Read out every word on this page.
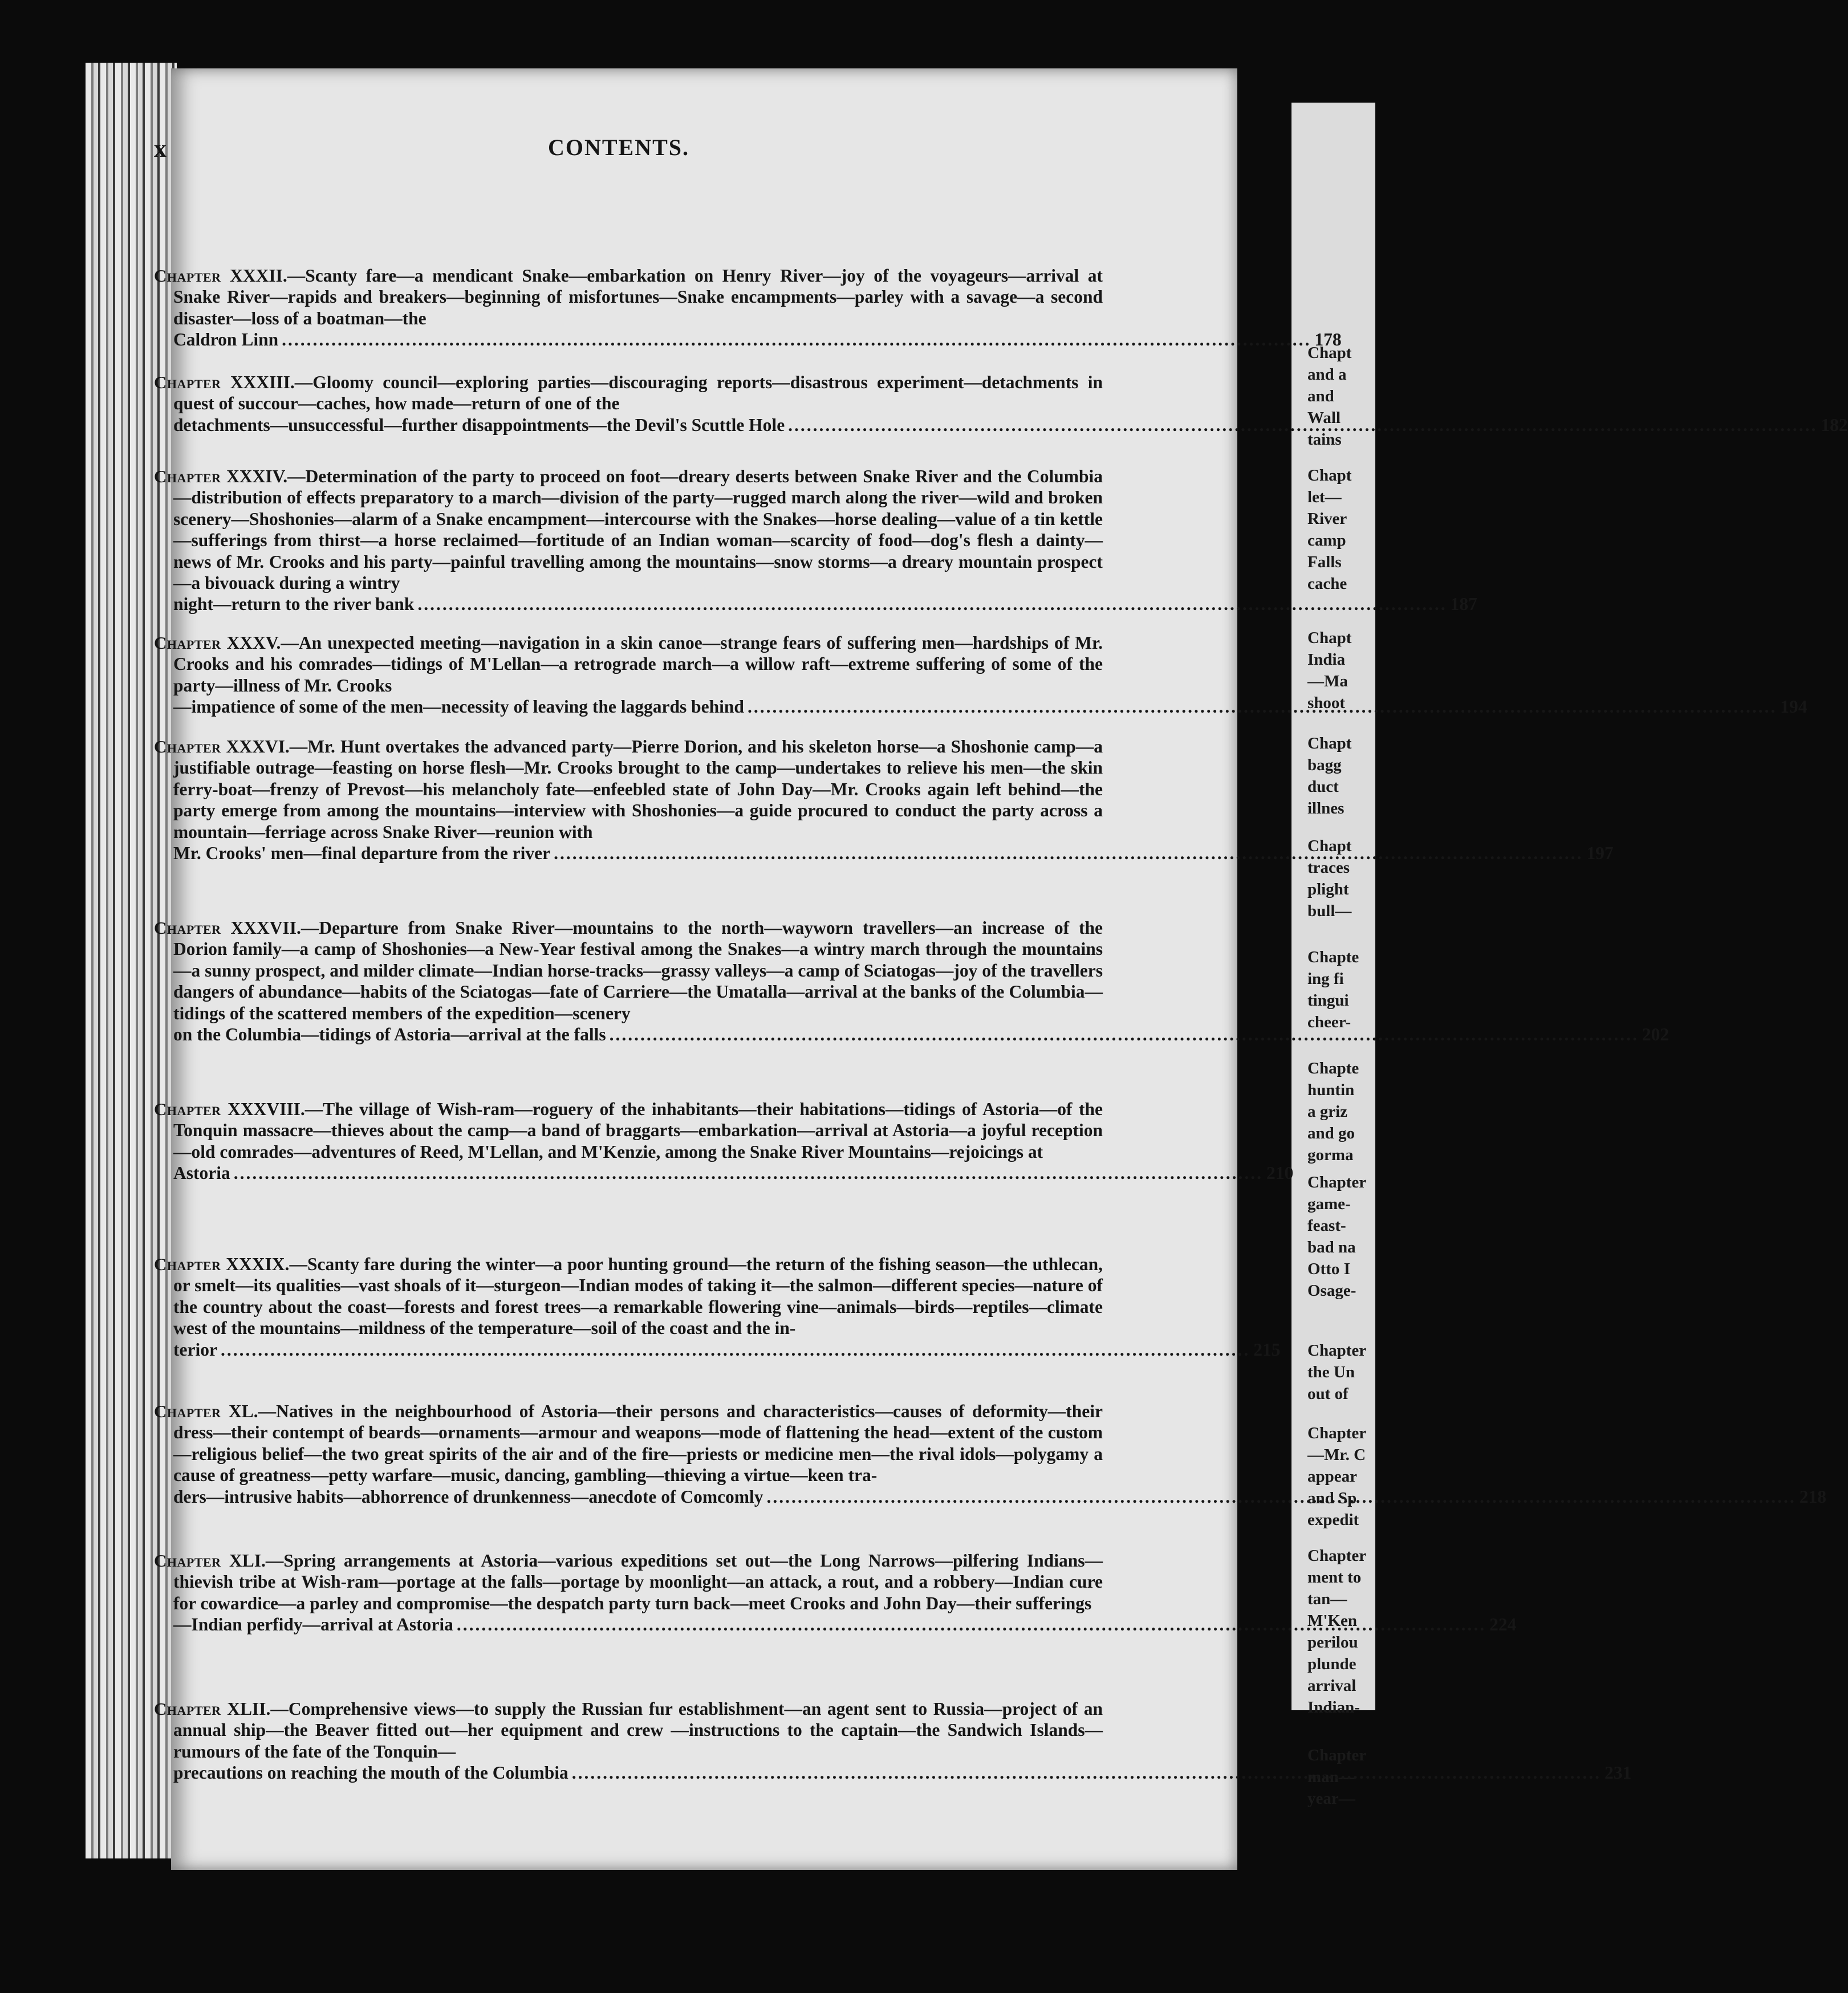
Chapt
and a
and
Wall
tains
Chapt
let—
River
camp
Falls
cache
Chapt
India
—Ma
shoot
Chapt
bagg
duct
illnes
Chapt
traces
plight
bull—
Chapte
ing fi
tingui
cheer-
Chapte
huntin
a griz
and go
gorma
Chapter
game-
feast-
bad na
Otto I
Osage-
Chapter
the Un
out of
Chapter
—Mr. C
appear
and Sp
expedit
Chapter
ment to
tan—
M'Ken
perilou
plunde
arrival
Indian-
Chapter
man—
year—
x	CONTENTS.
Chapter XXXII.—Scanty fare—a mendicant Snake—embarkation on Henry River—joy of the voyageurs—arrival at Snake River—rapids and breakers—beginning of misfortunes—Snake encampments—parley with a savage—a second disaster—loss of a boatman—the
Caldron Linn .....	178
Chapter XXXIII.—Gloomy council—exploring parties—discouraging reports—disastrous experiment—detachments in quest of succour—caches, how made—return of one of the
detachments—unsuccessful—further disappointments—the Devil's Scuttle Hole .....	182
Chapter XXXIV.—Determination of the party to proceed on foot—dreary deserts between Snake River and the Columbia—distribution of effects preparatory to a march—division of the party—rugged march along the river—wild and broken scenery—Shoshonies—alarm of a Snake encampment—intercourse with the Snakes—horse dealing—value of a tin kettle —sufferings from thirst—a horse reclaimed—fortitude of an Indian woman—scarcity of food—dog's flesh a dainty—news of Mr. Crooks and his party—painful travelling among the mountains—snow storms—a dreary mountain prospect—a bivouack during a wintry
night—return to the river bank .....	187
Chapter XXXV.—An unexpected meeting—navigation in a skin canoe—strange fears of suffering men—hardships of Mr. Crooks and his comrades—tidings of M'Lellan—a retrograde march—a willow raft—extreme suffering of some of the party—illness of Mr. Crooks
—impatience of some of the men—necessity of leaving the laggards behind .....	194
Chapter XXXVI.—Mr. Hunt overtakes the advanced party—Pierre Dorion, and his skeleton horse—a Shoshonie camp—a justifiable outrage—feasting on horse flesh—Mr. Crooks brought to the camp—undertakes to relieve his men—the skin ferry-boat—frenzy of Prevost—his melancholy fate—enfeebled state of John Day—Mr. Crooks again left behind—the party emerge from among the mountains—interview with Shoshonies—a guide procured to conduct the party across a mountain—ferriage across Snake River—reunion with
Mr. Crooks' men—final departure from the river .....	197
Chapter XXXVII.—Departure from Snake River—mountains to the north—wayworn travellers—an increase of the Dorion family—a camp of Shoshonies—a New-Year festival among the Snakes—a wintry march through the mountains—a sunny prospect, and milder climate—Indian horse-tracks—grassy valleys—a camp of Sciatogas—joy of the travellers dangers of abundance—habits of the Sciatogas—fate of Carriere—the Umatalla—arrival at the banks of the Columbia—tidings of the scattered members of the expedition—scenery
on the Columbia—tidings of Astoria—arrival at the falls .....	202
Chapter XXXVIII.—The village of Wish-ram—roguery of the inhabitants—their habitations—tidings of Astoria—of the Tonquin massacre—thieves about the camp—a band of braggarts—embarkation—arrival at Astoria—a joyful reception—old comrades—adventures of Reed, M'Lellan, and M'Kenzie, among the Snake River Mountains—rejoicings at
Astoria .....	210
Chapter XXXIX.—Scanty fare during the winter—a poor hunting ground—the return of the fishing season—the uthlecan, or smelt—its qualities—vast shoals of it—sturgeon—Indian modes of taking it—the salmon—different species—nature of the country about the coast—forests and forest trees—a remarkable flowering vine—animals—birds—reptiles—climate west of the mountains—mildness of the temperature—soil of the coast and the in-
terior .....	215
Chapter XL.—Natives in the neighbourhood of Astoria—their persons and characteristics—causes of deformity—their dress—their contempt of beards—ornaments—armour and weapons—mode of flattening the head—extent of the custom—religious belief—the two great spirits of the air and of the fire—priests or medicine men—the rival idols—polygamy a cause of greatness—petty warfare—music, dancing, gambling—thieving a virtue—keen tra-
ders—intrusive habits—abhorrence of drunkenness—anecdote of Comcomly .....	218
Chapter XLI.—Spring arrangements at Astoria—various expeditions set out—the Long Narrows—pilfering Indians—thievish tribe at Wish-ram—portage at the falls—portage by moonlight—an attack, a rout, and a robbery—Indian cure for cowardice—a parley and compromise—the despatch party turn back—meet Crooks and John Day—their sufferings
—Indian perfidy—arrival at Astoria .....	224
Chapter XLII.—Comprehensive views—to supply the Russian fur establishment—an agent sent to Russia—project of an annual ship—the Beaver fitted out—her equipment and crew —instructions to the captain—the Sandwich Islands—rumours of the fate of the Tonquin—
precautions on reaching the mouth of the Columbia .....	231
